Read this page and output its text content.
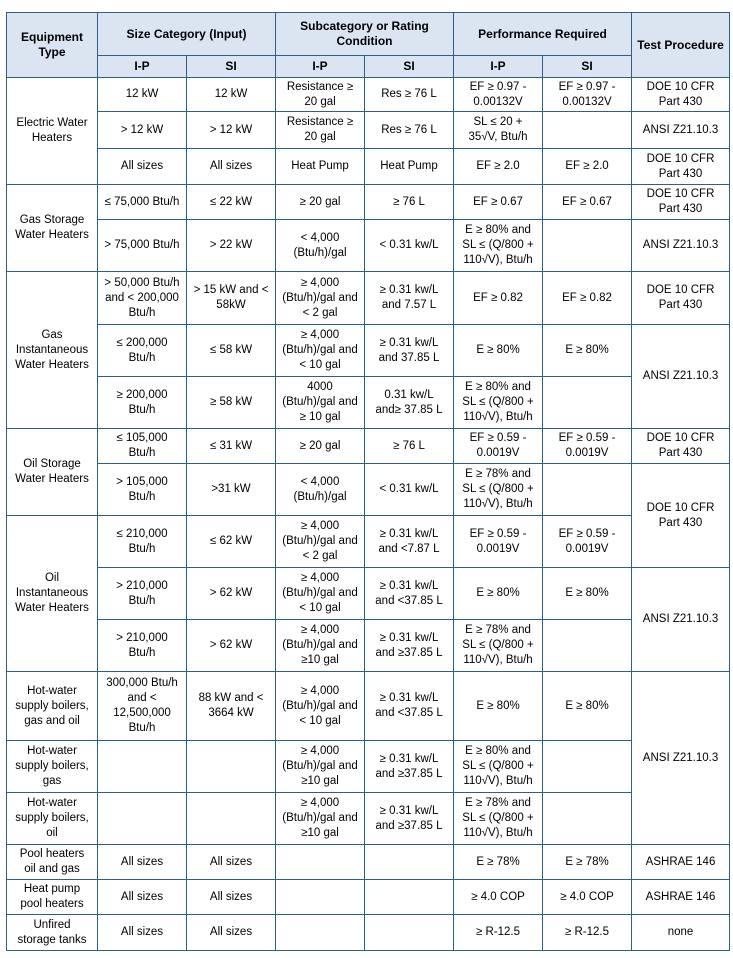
Equipment
Type	Size Category (Input)		Subcategory or Rating
Condition		Performance Required		Test Procedure
	I-P	SI	I-P	SI	I-P	SI	
Electric Water
Heaters	12 kW	12 kW	Resistance ≥
20 gal	Res ≥ 76 L	EF ≥ 0.97 -
0.00132V	EF ≥ 0.97 -
0.00132V	DOE 10 CFR
Part 430
	> 12 kW	> 12 kW	Resistance ≥
20 gal	Res ≥ 76 L	SL ≤ 20 +
35√V, Btu/h		ANSI Z21.10.3
	All sizes	All sizes	Heat Pump	Heat Pump	EF ≥ 2.0	EF ≥ 2.0	DOE 10 CFR
Part 430
Gas Storage
Water Heaters	≤ 75,000 Btu/h	≤ 22 kW	≥ 20 gal	≥ 76 L	EF ≥ 0.67	EF ≥ 0.67	DOE 10 CFR
Part 430
	> 75,000 Btu/h	> 22 kW	< 4,000
(Btu/h)/gal	< 0.31 kw/L	E ≥ 80% and
SL ≤ (Q/800 +
110√V), Btu/h		ANSI Z21.10.3
Gas
Instantaneous
Water Heaters	> 50,000 Btu/h
and < 200,000
Btu/h	> 15 kW and <
58kW	≥ 4,000
(Btu/h)/gal and
< 2 gal	≥ 0.31 kw/L
and 7.57 L	EF ≥ 0.82	EF ≥ 0.82	DOE 10 CFR
Part 430
	≤ 200,000
Btu/h	≤ 58 kW	≥ 4,000
(Btu/h)/gal and
< 10 gal	≥ 0.31 kw/L
and 37.85 L	E ≥ 80%	E ≥ 80%	ANSI Z21.10.3
	≥ 200,000
Btu/h	≥ 58 kW	4000
(Btu/h)/gal and
≥ 10 gal	0.31 kw/L
and≥ 37.85 L	E ≥ 80% and
SL ≤ (Q/800 +
110√V), Btu/h		
Oil Storage
Water Heaters	≤ 105,000
Btu/h	≤ 31 kW	≥ 20 gal	≥ 76 L	EF ≥ 0.59 -
0.0019V	EF ≥ 0.59 -
0.0019V	DOE 10 CFR
Part 430
	> 105,000
Btu/h	>31 kW	< 4,000
(Btu/h)/gal	< 0.31 kw/L	E ≥ 78% and
SL ≤ (Q/800 +
110√V), Btu/h		DOE 10 CFR
Part 430
Oil
Instantaneous
Water Heaters	≤ 210,000
Btu/h	≤ 62 kW	≥ 4,000
(Btu/h)/gal and
< 2 gal	≥ 0.31 kw/L
and <7.87 L	EF ≥ 0.59 -
0.0019V	EF ≥ 0.59 -
0.0019V	
	> 210,000
Btu/h	> 62 kW	≥ 4,000
(Btu/h)/gal and
< 10 gal	≥ 0.31 kw/L
and <37.85 L	E ≥ 80%	E ≥ 80%	ANSI Z21.10.3
	> 210,000
Btu/h	> 62 kW	≥ 4,000
(Btu/h)/gal and
≥10 gal	≥ 0.31 kw/L
and ≥37.85 L	E ≥ 78% and
SL ≤ (Q/800 +
110√V), Btu/h		
Hot-water
supply boilers,
gas and oil	300,000 Btu/h
and <
12,500,000
Btu/h	88 kW and <
3664 kW	≥ 4,000
(Btu/h)/gal and
< 10 gal	≥ 0.31 kw/L
and <37.85 L	E ≥ 80%	E ≥ 80%	ANSI Z21.10.3
Hot-water
supply boilers,
gas			≥ 4,000
(Btu/h)/gal and
≥10 gal	≥ 0.31 kw/L
and ≥37.85 L	E ≥ 80% and
SL ≤ (Q/800 +
110√V), Btu/h		
Hot-water
supply boilers,
oil			≥ 4,000
(Btu/h)/gal and
≥10 gal	≥ 0.31 kw/L
and ≥37.85 L	E ≥ 78% and
SL ≤ (Q/800 +
110√V), Btu/h		
Pool heaters
oil and gas	All sizes	All sizes			E ≥ 78%	E ≥ 78%	ASHRAE 146
Heat pump
pool heaters	All sizes	All sizes			≥ 4.0 COP	≥ 4.0 COP	ASHRAE 146
Unfired
storage tanks	All sizes	All sizes			≥ R-12.5	≥ R-12.5	none
